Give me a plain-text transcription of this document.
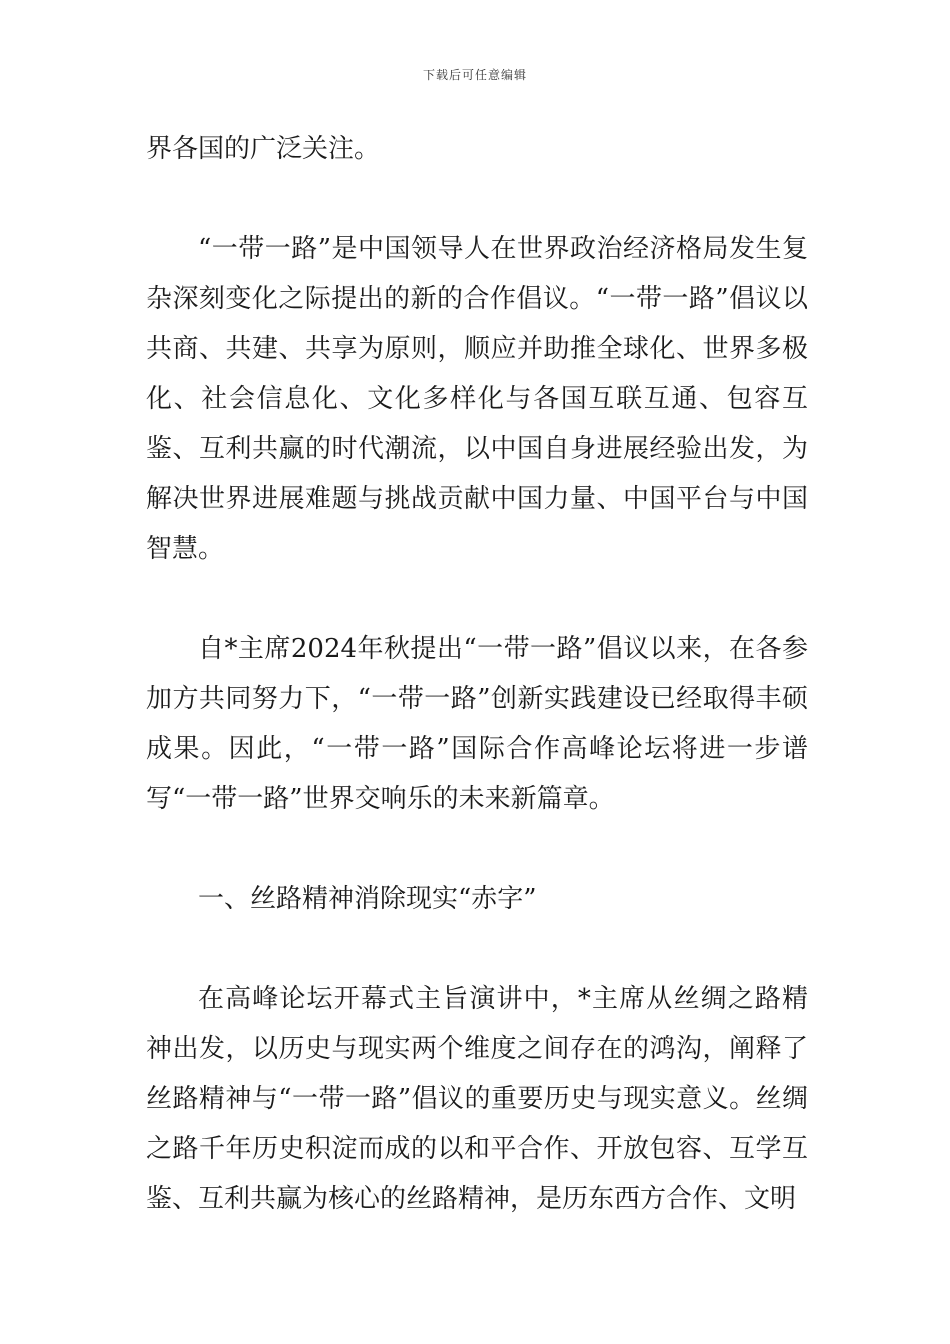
下载后可任意编辑

界各国的广泛关注。

“一带一路”是中国领导人在世界政治经济格局发生复杂深刻变化之际提出的新的合作倡议。“一带一路”倡议以共商、共建、共享为原则，顺应并助推全球化、世界多极化、社会信息化、文化多样化与各国互联互通、包容互鉴、互利共赢的时代潮流，以中国自身进展经验出发，为解决世界进展难题与挑战贡献中国力量、中国平台与中国智慧。

自*主席2024年秋提出“一带一路”倡议以来，在各参加方共同努力下，“一带一路”创新实践建设已经取得丰硕成果。因此，“一带一路”国际合作高峰论坛将进一步谱写“一带一路”世界交响乐的未来新篇章。

一、丝路精神消除现实“赤字”

在高峰论坛开幕式主旨演讲中，*主席从丝绸之路精神出发，以历史与现实两个维度之间存在的鸿沟，阐释了丝路精神与“一带一路”倡议的重要历史与现实意义。丝绸之路千年历史积淀而成的以和平合作、开放包容、互学互鉴、互利共赢为核心的丝路精神，是历东西方合作、文明
